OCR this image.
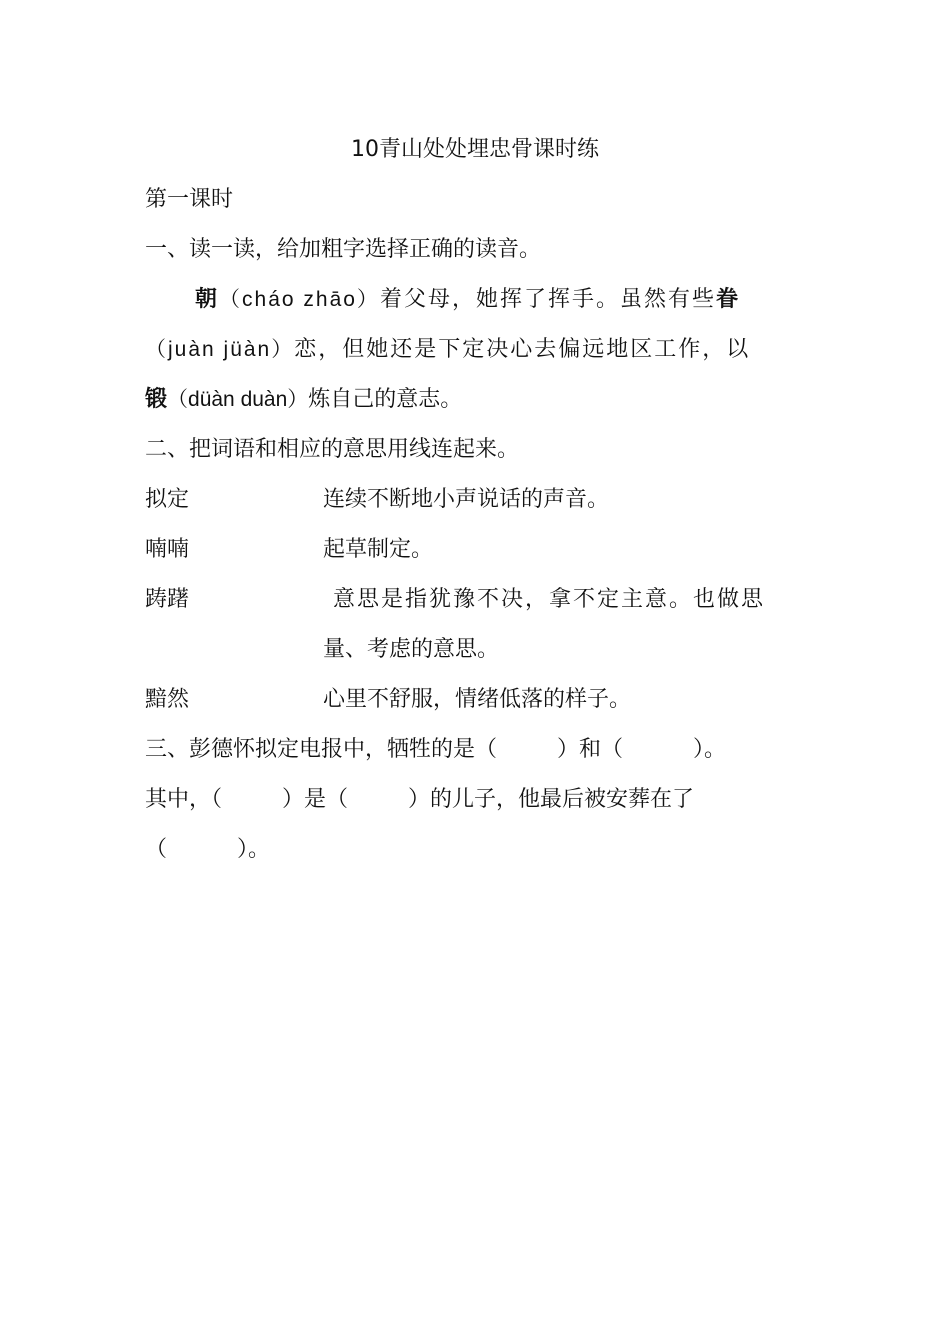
10青山处处埋忠骨课时练
第一课时
一、读一读，给加粗字选择正确的读音。
朝（cháo zhāo）着父母，她挥了挥手。虽然有些眷
（juàn jüàn）恋，但她还是下定决心去偏远地区工作，以
锻（düàn duàn）炼自己的意志。
二、把词语和相应的意思用线连起来。
拟定	连续不断地小声说话的声音。
喃喃	起草制定。
踌躇	意思是指犹豫不决，拿不定主意。也做思
量、考虑的意思。
黯然	心里不舒服，情绪低落的样子。
三、彭德怀拟定电报中，牺牲的是（	）和（	）。
其中，（	）是（	）的儿子，他最后被安葬在了
（	）。
